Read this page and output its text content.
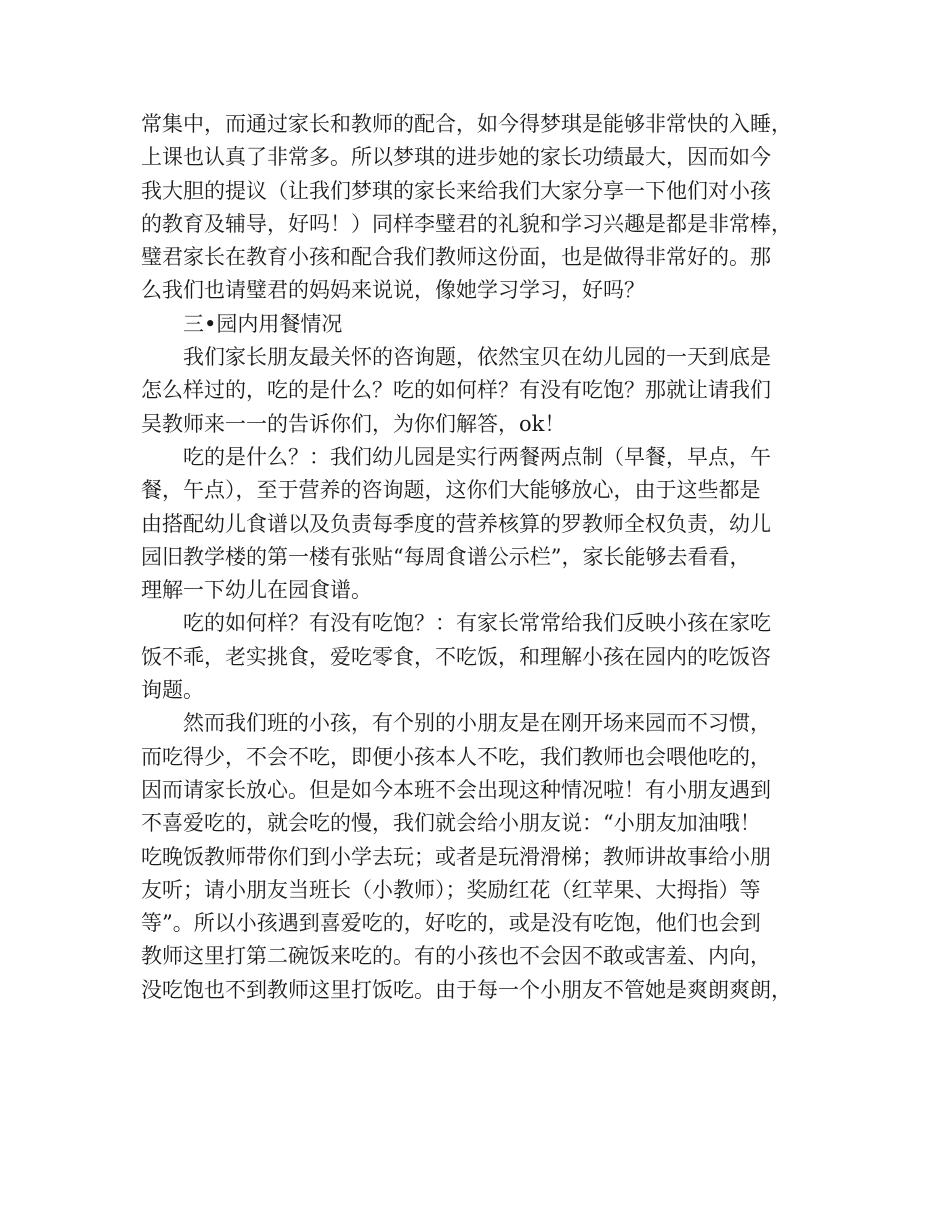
常集中，而通过家长和教师的配合，如今得梦琪是能够非常快的入睡，
上课也认真了非常多。所以梦琪的进步她的家长功绩最大，因而如今
我大胆的提议（让我们梦琪的家长来给我们大家分享一下他们对小孩
的教育及辅导，好吗！）同样李璧君的礼貌和学习兴趣是都是非常棒，
璧君家长在教育小孩和配合我们教师这份面，也是做得非常好的。那
么我们也请璧君的妈妈来说说，像她学习学习，好吗？
三•园内用餐情况
我们家长朋友最关怀的咨询题，依然宝贝在幼儿园的一天到底是
怎么样过的，吃的是什么？吃的如何样？有没有吃饱？那就让请我们
吴教师来一一的告诉你们，为你们解答，ok！
吃的是什么？：我们幼儿园是实行两餐两点制（早餐，早点，午
餐，午点），至于营养的咨询题，这你们大能够放心，由于这些都是
由搭配幼儿食谱以及负责每季度的营养核算的罗教师全权负责，幼儿
园旧教学楼的第一楼有张贴“每周食谱公示栏”，家长能够去看看，
理解一下幼儿在园食谱。
吃的如何样？有没有吃饱？：有家长常常给我们反映小孩在家吃
饭不乖，老实挑食，爱吃零食，不吃饭，和理解小孩在园内的吃饭咨
询题。
然而我们班的小孩，有个别的小朋友是在刚开场来园而不习惯，
而吃得少，不会不吃，即便小孩本人不吃，我们教师也会喂他吃的，
因而请家长放心。但是如今本班不会出现这种情况啦！有小朋友遇到
不喜爱吃的，就会吃的慢，我们就会给小朋友说：“小朋友加油哦！
吃晚饭教师带你们到小学去玩；或者是玩滑滑梯；教师讲故事给小朋
友听；请小朋友当班长（小教师）；奖励红花（红苹果、大拇指）等
等”。所以小孩遇到喜爱吃的，好吃的，或是没有吃饱，他们也会到
教师这里打第二碗饭来吃的。有的小孩也不会因不敢或害羞、内向，
没吃饱也不到教师这里打饭吃。由于每一个小朋友不管她是爽朗爽朗，
